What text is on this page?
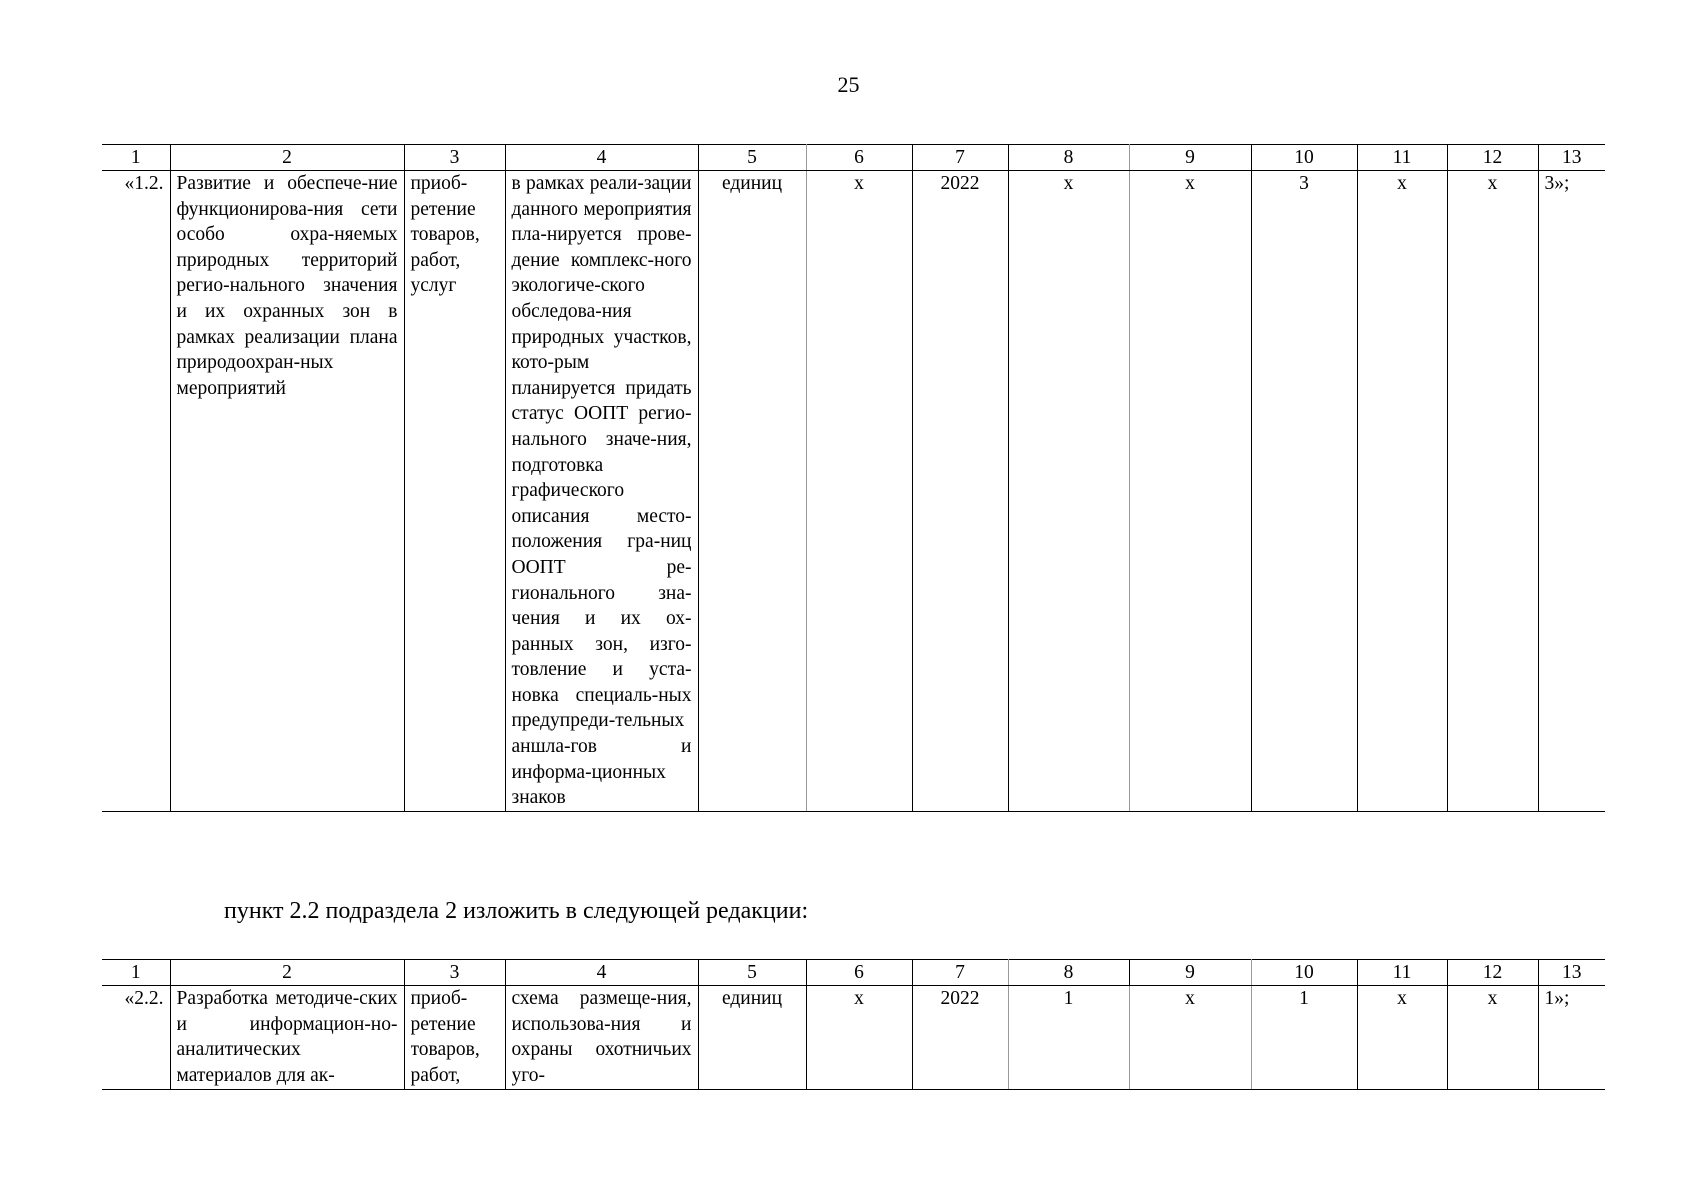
25
1	2	3	4	5	6	7	8	9	10	11	12	13
«1.2.	Развитие и обеспече-ние функционирова-ния сети особо охра-няемых природных территорий регио-нального значения и их охранных зон в рамках реализации плана природоохран-ных мероприятий	приоб-ретение товаров, работ, услуг	в рамках реали-зации данного мероприятия пла-нируется прове-дение комплекс-ного экологиче-ского обследова-ния природных участков, кото-рым планируется придать статус ООПТ регио-нального значе-ния, подготовка графического описания место-положения гра-ниц ООПТ ре-гионального зна-чения и их ох-ранных зон, изго-товление и уста-новка специаль-ных предупреди-тельных аншла-гов и информа-ционных знаков	единиц	х	2022	х	х	3	х	х	3»;
пункт 2.2 подраздела 2 изложить в следующей редакции:
1	2	3	4	5	6	7	8	9	10	11	12	13

«2.2.	Разработка методиче-ских и информацион-но-аналитических материалов для ак-	приоб-ретение товаров, работ,	схема размеще-ния, использова-ния и охраны охотничьих уго-	единиц	х	2022	1	х	1	х	х	1»;
